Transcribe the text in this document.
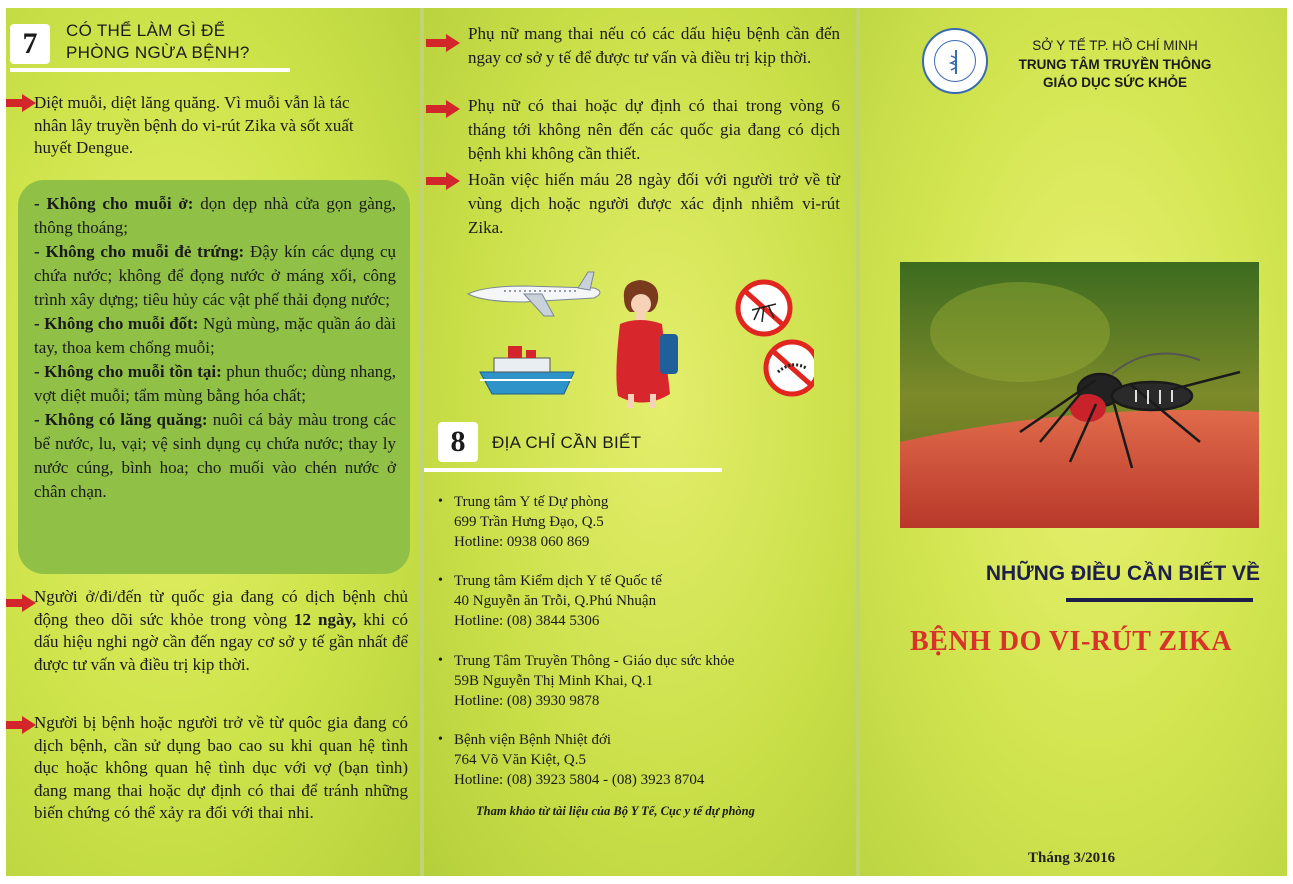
7	CÓ THỂ LÀM GÌ ĐỂ
PHÒNG NGỪA BỆNH?
Diệt muỗi, diệt lăng quăng. Vì muỗi vẫn là tác
nhân lây truyền bệnh do vi-rút Zika và sốt xuất
huyết Dengue.

- Không cho muỗi ở: dọn dẹp nhà cửa gọn gàng, thông thoáng;

- Không cho muỗi đẻ trứng: Đậy kín các dụng cụ chứa nước; không để đọng nước ở máng xối, công trình xây dựng; tiêu hủy các vật phế thải đọng nước;

- Không cho muỗi đốt: Ngủ mùng, mặc quần áo dài tay, thoa kem chống muỗi;

- Không cho muỗi tồn tại: phun thuốc; dùng nhang, vợt diệt muỗi; tẩm mùng bằng hóa chất;

- Không có lăng quăng: nuôi cá bảy màu trong các bể nước, lu, vại; vệ sinh dụng cụ chứa nước; thay ly nước cúng, bình hoa; cho muối vào chén nước ở chân chạn.

Người ở/đi/đến từ quốc gia đang có dịch bệnh chủ động theo dõi sức khỏe trong vòng 12 ngày, khi có dấu hiệu nghi ngờ cần đến ngay cơ sở y tế gần nhất để được tư vấn và điều trị kịp thời.
Người bị bệnh hoặc người trở về từ quôc gia đang có dịch bệnh, cần sử dụng bao cao su khi quan hệ tình dục hoặc không quan hệ tình dục với vợ (bạn tình) đang mang thai hoặc dự định có thai để tránh những biến chứng có thể xảy ra đối với thai nhi.
Phụ nữ mang thai nếu có các dấu hiệu bệnh cần đến ngay cơ sở y tế để được tư vấn và điều trị kịp thời.
Phụ nữ có thai hoặc dự định có thai trong vòng 6 tháng tới không nên đến các quốc gia đang có dịch bệnh khi không cần thiết.
Hoãn việc hiến máu 28 ngày đối với người trở về từ vùng dịch hoặc người được xác định nhiễm vi-rút Zika.
8	ĐỊA CHỈ CẦN BIẾT
• Trung tâm Y tế Dự phòng
699 Trần Hưng Đạo, Q.5
Hotline: 0938 060 869
• Trung tâm Kiểm dịch Y tế Quốc tế
40 Nguyễn ăn Trỗi, Q.Phú Nhuận
Hotline: (08) 3844 5306
• Trung Tâm Truyền Thông - Giáo dục sức khỏe
59B Nguyễn Thị Minh Khai, Q.1
Hotline: (08) 3930 9878
• Bệnh viện Bệnh Nhiệt đới
764 Võ Văn Kiệt, Q.5
Hotline: (08) 3923 5804 - (08) 3923 8704
Tham khảo từ tài liệu của Bộ Y Tế, Cục y tế dự phòng
SỞ Y TẾ TP. HỒ CHÍ MINH
TRUNG TÂM TRUYỀN THÔNG
GIÁO DỤC SỨC KHỎE
NHỮNG ĐIỀU CẦN BIẾT VỀ
BỆNH DO VI-RÚT ZIKA
Tháng 3/2016
